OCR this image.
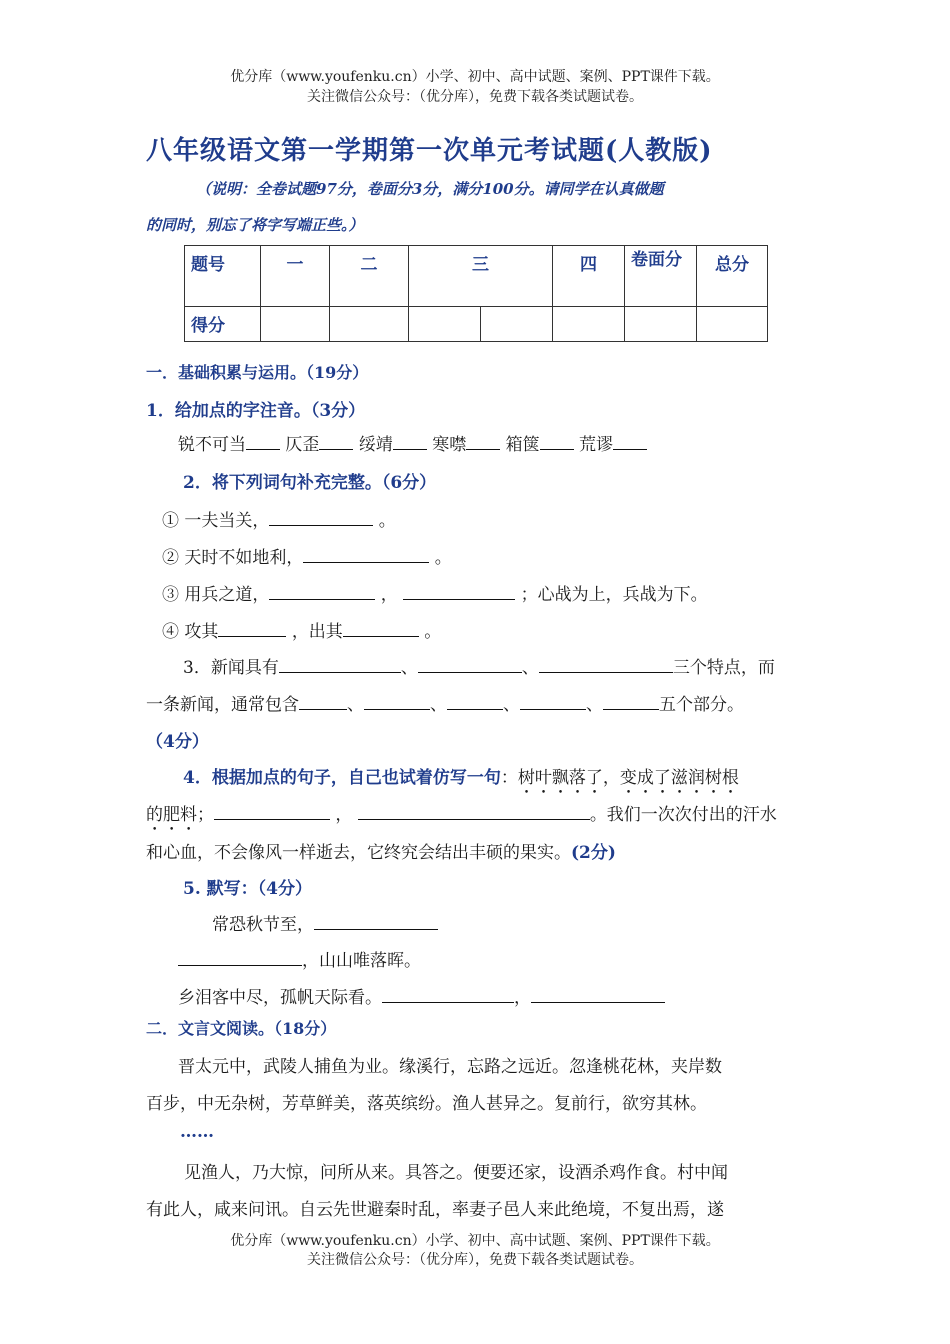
优分库（www.youfenku.cn）小学、初中、高中试题、案例、PPT课件下载。
关注微信公众号：（优分库），免费下载各类试题试卷。
八年级语文第一学期第一次单元考试题(人教版)
（说明：全卷试题97分，卷面分3分，满分100分。请同学在认真做题
的同时，别忘了将字写端正些。）
题号	一	二	三		四	卷面分	总分
得分							
一．基础积累与运用。（19分）
1．给加点的字注音。（3分）
锐不可当 仄歪 绥靖 寒噤 箱箧 荒谬
2．将下列词句补充完整。（6分）
① 一夫当关，	。
② 天时不如地利，	。
③ 用兵之道，	，	；心战为上，兵战为下。
④ 攻其	，出其	。
3．新闻具有	、	、	三个特点，而
一条新闻，通常包含	、	、	、	、	五个部分。
（4分）
4．根据加点的句子，自己也试着仿写一句：树叶飘落了，变成了滋润树根
的肥料；	，	。我们一次次付出的汗水
和心血，不会像风一样逝去，它终究会结出丰硕的果实。(2分)
5. 默写：（4分）
常恐秋节至，
，山山唯落晖。
乡泪客中尽，孤帆天际看。	，
二．文言文阅读。（18分）
晋太元中，武陵人捕鱼为业。缘溪行，忘路之远近。忽逢桃花林，夹岸数
百步，中无杂树，芳草鲜美，落英缤纷。渔人甚异之。复前行，欲穷其林。
……
见渔人，乃大惊，问所从来。具答之。便要还家，设酒杀鸡作食。村中闻
有此人，咸来问讯。自云先世避秦时乱，率妻子邑人来此绝境，不复出焉，遂
优分库（www.youfenku.cn）小学、初中、高中试题、案例、PPT课件下载。
关注微信公众号：（优分库），免费下载各类试题试卷。
